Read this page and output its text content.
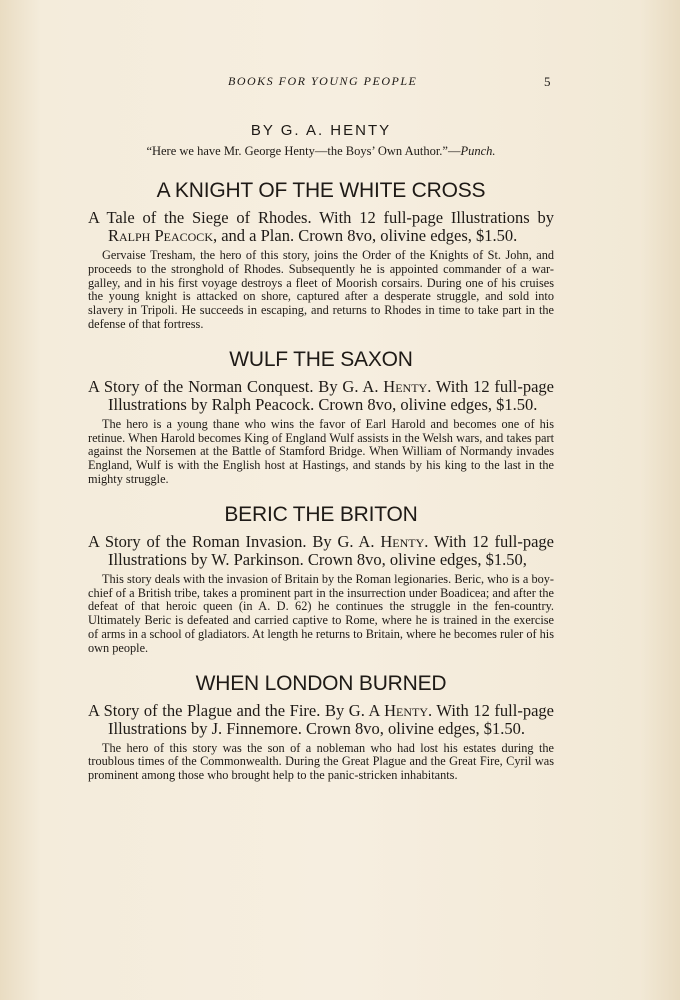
BOOKS FOR YOUNG PEOPLE	5
BY G. A. HENTY
“Here we have Mr. George Henty—the Boys’ Own Author.”—Punch.
A KNIGHT OF THE WHITE CROSS
A Tale of the Siege of Rhodes. With 12 full-page Illustrations by Ralph Peacock, and a Plan. Crown 8vo, olivine edges, $1.50.
Gervaise Tresham, the hero of this story, joins the Order of the Knights of St. John, and proceeds to the stronghold of Rhodes. Subsequently he is appointed commander of a war-galley, and in his first voyage destroys a fleet of Moorish corsairs. During one of his cruises the young knight is attacked on shore, captured after a desperate struggle, and sold into slavery in Tripoli. He succeeds in escaping, and returns to Rhodes in time to take part in the defense of that fortress.
WULF THE SAXON
A Story of the Norman Conquest. By G. A. Henty. With 12 full-page Illustrations by Ralph Peacock. Crown 8vo, olivine edges, $1.50.
The hero is a young thane who wins the favor of Earl Harold and becomes one of his retinue. When Harold becomes King of England Wulf assists in the Welsh wars, and takes part against the Norsemen at the Battle of Stamford Bridge. When William of Normandy invades England, Wulf is with the English host at Hastings, and stands by his king to the last in the mighty struggle.
BERIC THE BRITON
A Story of the Roman Invasion. By G. A. Henty. With 12 full-page Illustrations by W. Parkinson. Crown 8vo, olivine edges, $1.50,
This story deals with the invasion of Britain by the Roman legionaries. Beric, who is a boy-chief of a British tribe, takes a prominent part in the insurrection under Boadicea; and after the defeat of that heroic queen (in A. D. 62) he continues the struggle in the fen-country. Ultimately Beric is defeated and carried captive to Rome, where he is trained in the exercise of arms in a school of gladiators. At length he returns to Britain, where he becomes ruler of his own people.
WHEN LONDON BURNED
A Story of the Plague and the Fire. By G. A Henty. With 12 full-page Illustrations by J. Finnemore. Crown 8vo, olivine edges, $1.50.
The hero of this story was the son of a nobleman who had lost his estates during the troublous times of the Commonwealth. During the Great Plague and the Great Fire, Cyril was prominent among those who brought help to the panic-stricken inhabitants.
